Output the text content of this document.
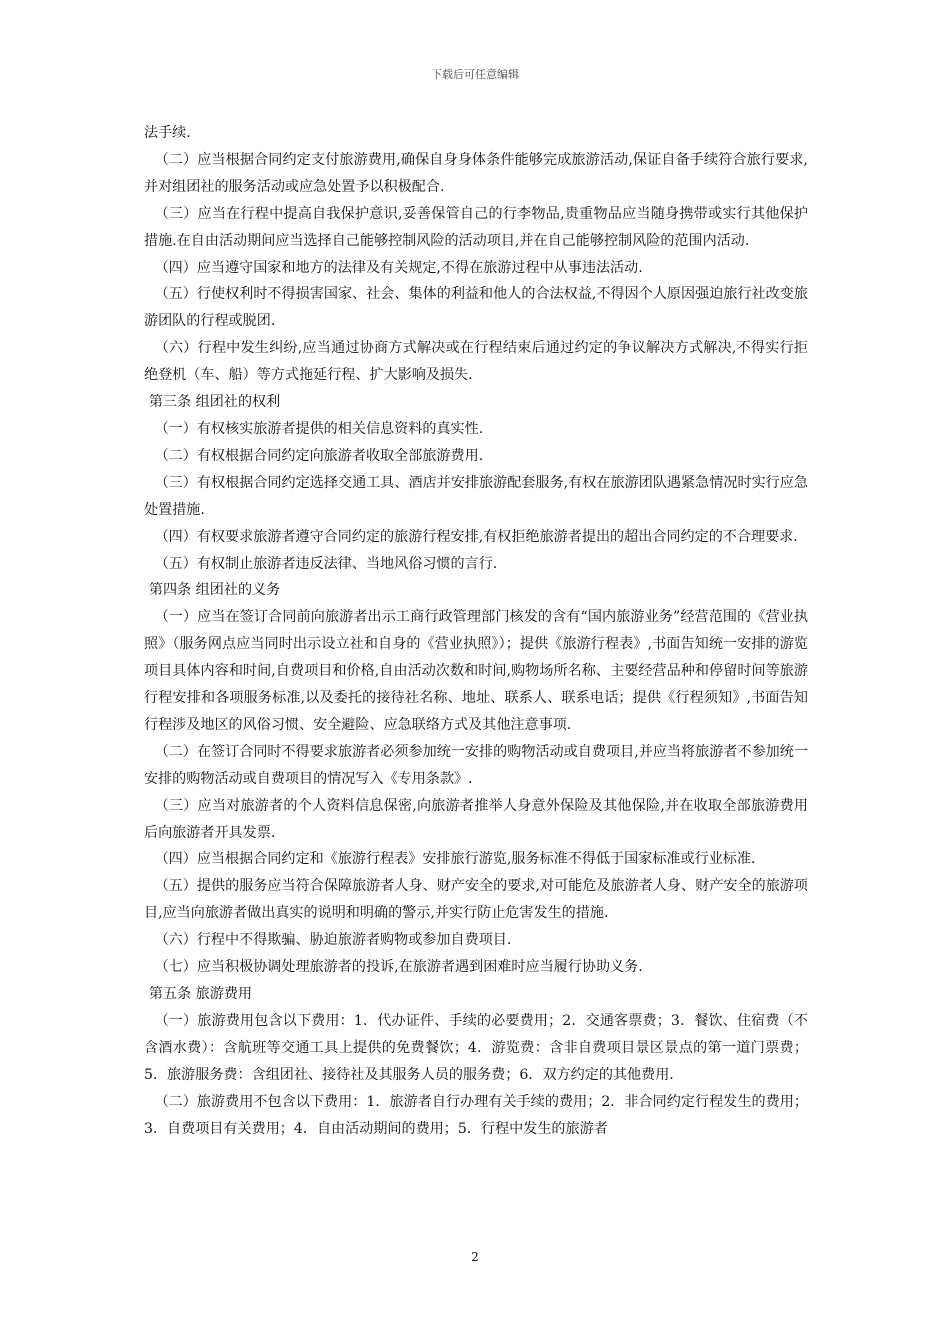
下载后可任意编辑

法手续.

（二）应当根据合同约定支付旅游费用,确保自身身体条件能够完成旅游活动,保证自备手续符合旅行要求,并对组团社的服务活动或应急处置予以积极配合.

（三）应当在行程中提高自我保护意识,妥善保管自己的行李物品,贵重物品应当随身携带或实行其他保护措施.在自由活动期间应当选择自己能够控制风险的活动项目,并在自己能够控制风险的范围内活动.

（四）应当遵守国家和地方的法律及有关规定,不得在旅游过程中从事违法活动.

（五）行使权利时不得损害国家、社会、集体的利益和他人的合法权益,不得因个人原因强迫旅行社改变旅游团队的行程或脱团.

（六）行程中发生纠纷,应当通过协商方式解决或在行程结束后通过约定的争议解决方式解决,不得实行拒绝登机（车、船）等方式拖延行程、扩大影响及损失.

第三条 组团社的权利

（一）有权核实旅游者提供的相关信息资料的真实性.

（二）有权根据合同约定向旅游者收取全部旅游费用.

（三）有权根据合同约定选择交通工具、酒店并安排旅游配套服务,有权在旅游团队遇紧急情况时实行应急处置措施.

（四）有权要求旅游者遵守合同约定的旅游行程安排,有权拒绝旅游者提出的超出合同约定的不合理要求.

（五）有权制止旅游者违反法律、当地风俗习惯的言行.

第四条 组团社的义务

（一）应当在签订合同前向旅游者出示工商行政管理部门核发的含有“国内旅游业务”经营范围的《营业执照》（服务网点应当同时出示设立社和自身的《营业执照》）；提供《旅游行程表》,书面告知统一安排的游览项目具体内容和时间,自费项目和价格,自由活动次数和时间,购物场所名称、主要经营品种和停留时间等旅游行程安排和各项服务标准,以及委托的接待社名称、地址、联系人、联系电话；提供《行程须知》,书面告知行程涉及地区的风俗习惯、安全避险、应急联络方式及其他注意事项.

（二）在签订合同时不得要求旅游者必须参加统一安排的购物活动或自费项目,并应当将旅游者不参加统一安排的购物活动或自费项目的情况写入《专用条款》.

（三）应当对旅游者的个人资料信息保密,向旅游者推举人身意外保险及其他保险,并在收取全部旅游费用后向旅游者开具发票.

（四）应当根据合同约定和《旅游行程表》安排旅行游览,服务标准不得低于国家标准或行业标准.

（五）提供的服务应当符合保障旅游者人身、财产安全的要求,对可能危及旅游者人身、财产安全的旅游项目,应当向旅游者做出真实的说明和明确的警示,并实行防止危害发生的措施.

（六）行程中不得欺骗、胁迫旅游者购物或参加自费项目.

（七）应当积极协调处理旅游者的投诉,在旅游者遇到困难时应当履行协助义务.

第五条 旅游费用

（一）旅游费用包含以下费用：1．代办证件、手续的必要费用；2．交通客票费；3．餐饮、住宿费（不含酒水费）：含航班等交通工具上提供的免费餐饮；4．游览费：含非自费项目景区景点的第一道门票费；5．旅游服务费：含组团社、接待社及其服务人员的服务费；6．双方约定的其他费用.

（二）旅游费用不包含以下费用：1．旅游者自行办理有关手续的费用；2．非合同约定行程发生的费用；3．自费项目有关费用；4．自由活动期间的费用；5．行程中发生的旅游者

2
